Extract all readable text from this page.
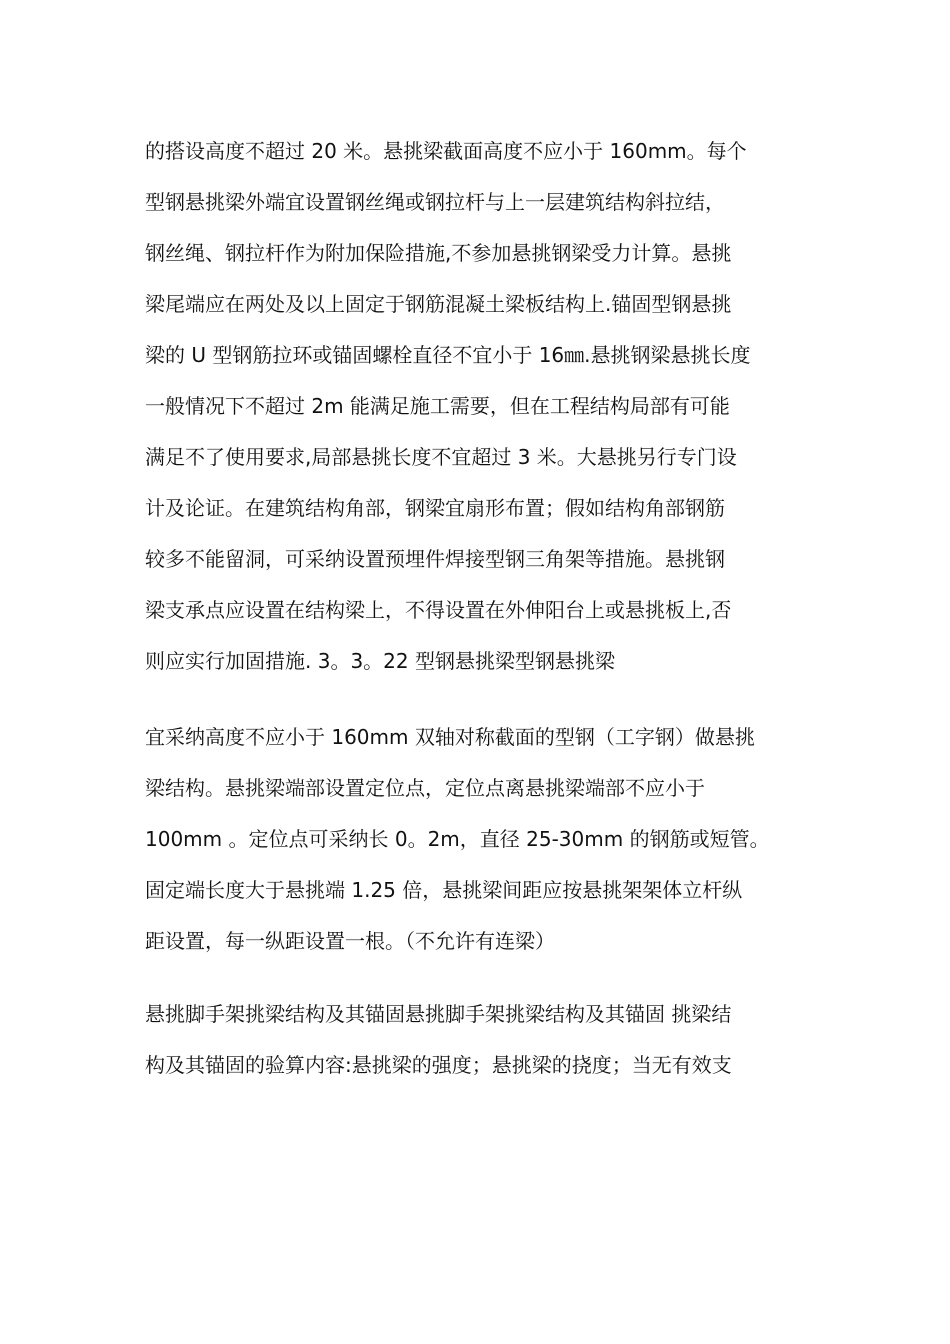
的搭设高度不超过 20 米。悬挑梁截面高度不应小于 160mm。每个
型钢悬挑梁外端宜设置钢丝绳或钢拉杆与上一层建筑结构斜拉结，
钢丝绳、钢拉杆作为附加保险措施,不参加悬挑钢梁受力计算。悬挑
梁尾端应在两处及以上固定于钢筋混凝土梁板结构上.锚固型钢悬挑
梁的 U 型钢筋拉环或锚固螺栓直径不宜小于 16㎜.悬挑钢梁悬挑长度
一般情况下不超过 2m 能满足施工需要，但在工程结构局部有可能
满足不了使用要求,局部悬挑长度不宜超过 3 米。大悬挑另行专门设
计及论证。在建筑结构角部，钢梁宜扇形布置；假如结构角部钢筋
较多不能留洞，可采纳设置预埋件焊接型钢三角架等措施。悬挑钢
梁支承点应设置在结构梁上，不得设置在外伸阳台上或悬挑板上,否
则应实行加固措施. 3。3。22 型钢悬挑梁型钢悬挑梁
宜采纳高度不应小于 160mm 双轴对称截面的型钢（工字钢）做悬挑
梁结构。悬挑梁端部设置定位点，定位点离悬挑梁端部不应小于
100mm 。定位点可采纳长 0。2m，直径 25-30mm 的钢筋或短管。
固定端长度大于悬挑端 1.25 倍，悬挑梁间距应按悬挑架架体立杆纵
距设置，每一纵距设置一根。（不允许有连梁）
悬挑脚手架挑梁结构及其锚固悬挑脚手架挑梁结构及其锚固 挑梁结
构及其锚固的验算内容:悬挑梁的强度；悬挑梁的挠度；当无有效支
